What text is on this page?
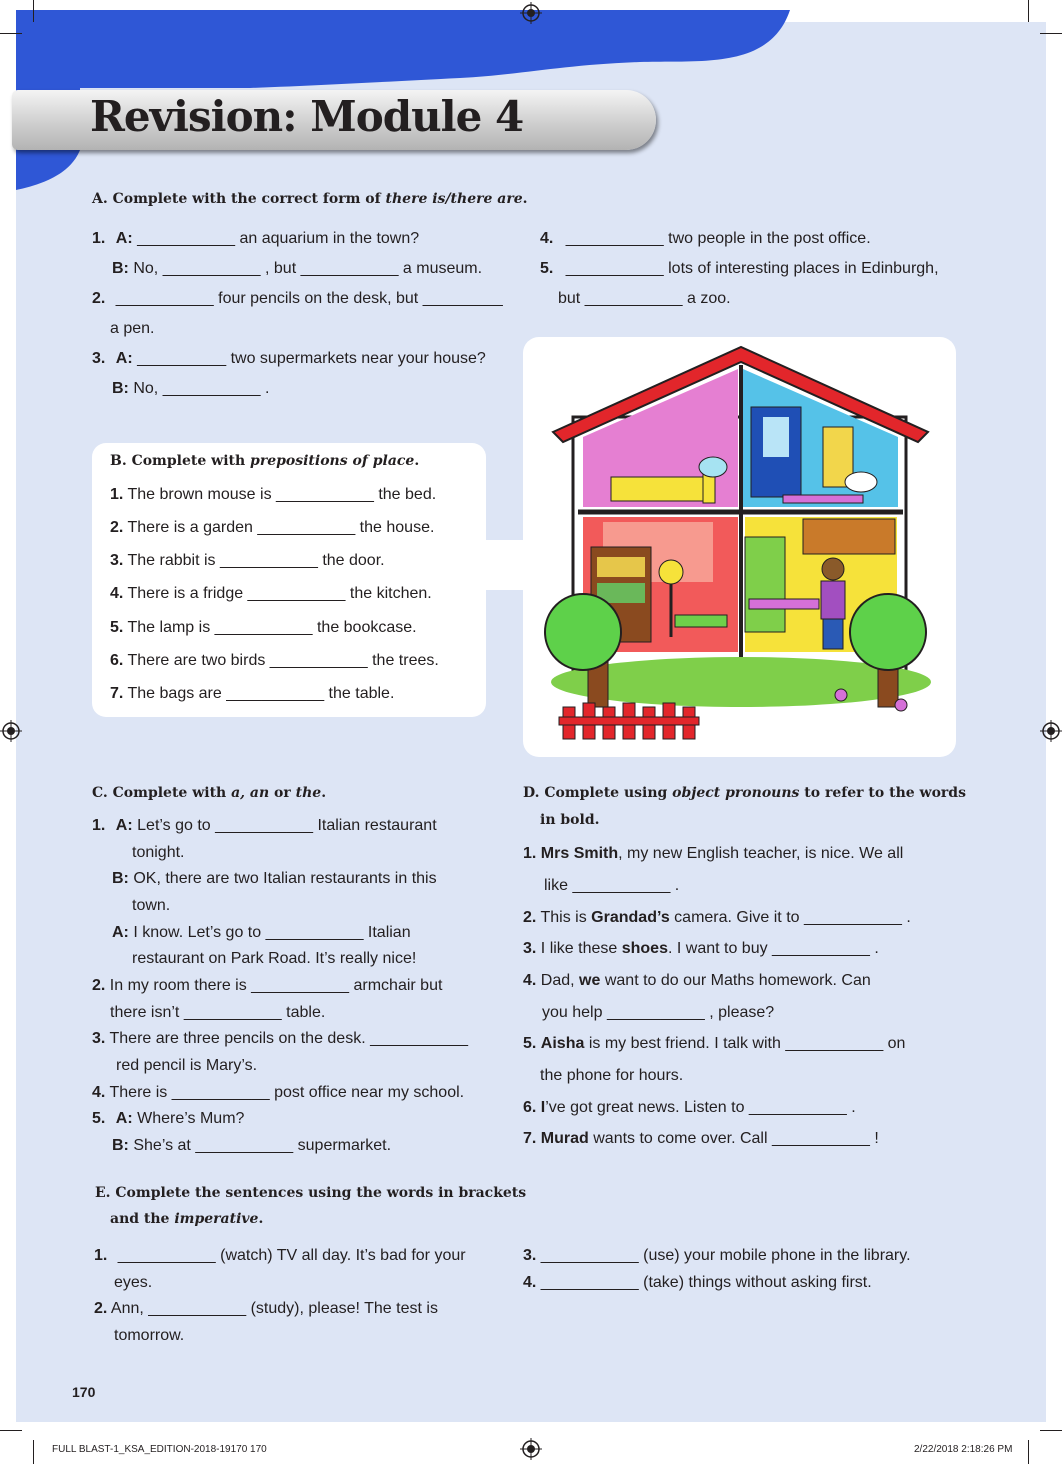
Revision: Module 4
A. Complete with the correct form of there is/there are.
1. A: ___________ an aquarium in the town?
B: No, ___________ , but ___________ a museum.
2. ___________ four pencils on the desk, but _________
a pen.
3. A: __________ two supermarkets near your house?
B: No, ___________ .
4. ___________ two people in the post office.
5. ___________ lots of interesting places in Edinburgh,
but ___________ a zoo.
B. Complete with prepositions of place.
1. The brown mouse is ___________ the bed.
2. There is a garden ___________ the house.
3. The rabbit is ___________ the door.
4. There is a fridge ___________ the kitchen.
5. The lamp is ___________ the bookcase.
6. There are two birds ___________ the trees.
7. The bags are ___________ the table.
C. Complete with a, an or the.
1. A: Let’s go to ___________ Italian restaurant
tonight.
B: OK, there are two Italian restaurants in this
town.
A: I know. Let’s go to ___________ Italian
restaurant on Park Road. It’s really nice!
2. In my room there is ___________ armchair but
there isn’t ___________ table.
3. There are three pencils on the desk. ___________
red pencil is Mary’s.
4. There is ___________ post office near my school.
5. A: Where’s Mum?
B: She’s at ___________ supermarket.
D. Complete using object pronouns to refer to the words
in bold.
1. Mrs Smith, my new English teacher, is nice. We all
like ___________ .
2. This is Grandad’s camera. Give it to ___________ .
3. I like these shoes. I want to buy ___________ .
4. Dad, we want to do our Maths homework. Can
you help ___________ , please?
5. Aisha is my best friend. I talk with ___________ on
the phone for hours.
6. I’ve got great news. Listen to ___________ .
7. Murad wants to come over. Call ___________ !
E. Complete the sentences using the words in brackets
and the imperative.
1. ___________ (watch) TV all day. It’s bad for your
eyes.
2. Ann, ___________ (study), please! The test is
tomorrow.
3. ___________ (use) your mobile phone in the library.
4. ___________ (take) things without asking first.
170
FULL BLAST-1_KSA_EDITION-2018-19170 170	2/22/2018 2:18:26 PM
